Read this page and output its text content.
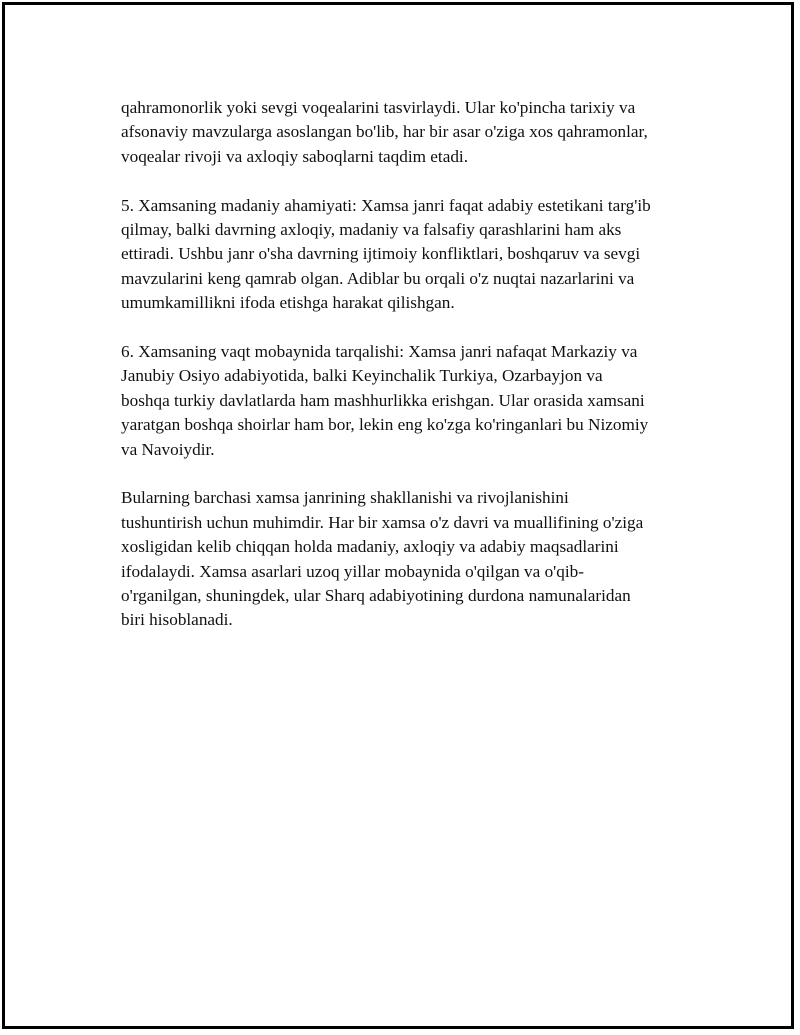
qahramonorlik yoki sevgi voqealarini tasvirlaydi. Ular ko'pincha tarixiy va
afsonaviy mavzularga asoslangan bo'lib, har bir asar o'ziga xos qahramonlar,
voqealar rivoji va axloqiy saboqlarni taqdim etadi.

5. Xamsaning madaniy ahamiyati: Xamsa janri faqat adabiy estetikani targ'ib
qilmay, balki davrning axloqiy, madaniy va falsafiy qarashlarini ham aks
ettiradi. Ushbu janr o'sha davrning ijtimoiy konfliktlari, boshqaruv va sevgi
mavzularini keng qamrab olgan. Adiblar bu orqali o'z nuqtai nazarlarini va
umumkamillikni ifoda etishga harakat qilishgan.

6. Xamsaning vaqt mobaynida tarqalishi: Xamsa janri nafaqat Markaziy va
Janubiy Osiyo adabiyotida, balki Keyinchalik Turkiya, Ozarbayjon va
boshqa turkiy davlatlarda ham mashhurlikka erishgan. Ular orasida xamsani
yaratgan boshqa shoirlar ham bor, lekin eng ko'zga ko'ringanlari bu Nizomiy
va Navoiydir.

Bularning barchasi xamsa janrining shakllanishi va rivojlanishini
tushuntirish uchun muhimdir. Har bir xamsa o'z davri va muallifining o'ziga
xosligidan kelib chiqqan holda madaniy, axloqiy va adabiy maqsadlarini
ifodalaydi. Xamsa asarlari uzoq yillar mobaynida o'qilgan va o'qib-
o'rganilgan, shuningdek, ular Sharq adabiyotining durdona namunalaridan
biri hisoblanadi.
